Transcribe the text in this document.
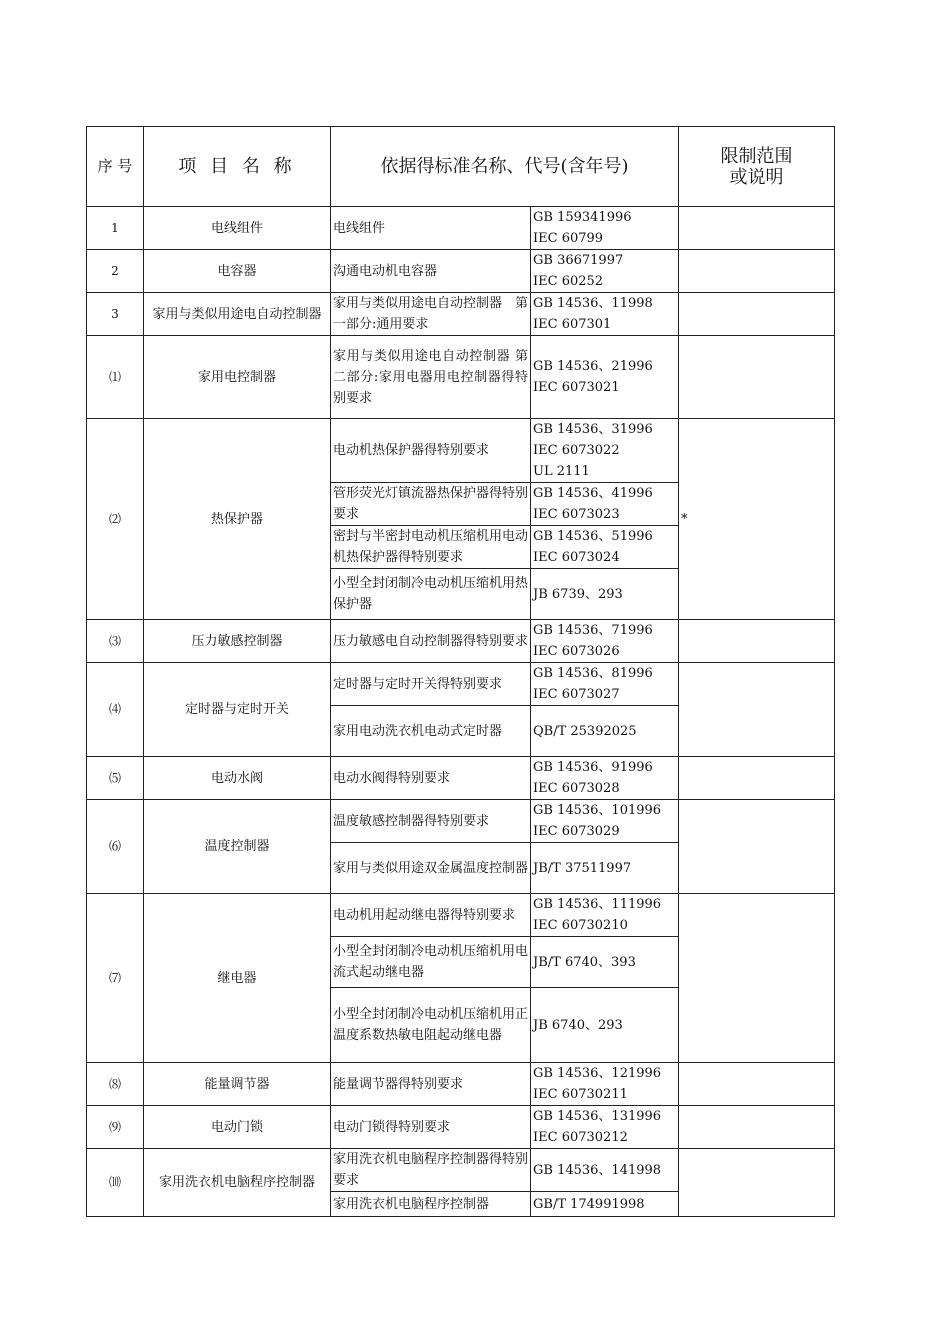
序 号	项 目 名 称	依据得标准名称、代号(含年号)		限制范围
或说明

1	电线组件	电线组件	GB 159341996
IEC 60799	

2	电容器	沟通电动机电容器	GB 36671997
IEC 60252	

3	家用与类似用途电自动控制器	家用与类似用途电自动控制器　第一部分:通用要求	GB 14536、11998
IEC 607301	

⑴	家用电控制器	家用与类似用途电自动控制器 第二部分:家用电器用电控制器得特别要求	GB 14536、21996
IEC 6073021	

⑵	热保护器	电动机热保护器得特别要求	GB 14536、31996
IEC 6073022
UL 2111	*
		管形荧光灯镇流器热保护器得特别要求	GB 14536、41996
IEC 6073023	

		密封与半密封电动机压缩机用电动机热保护器得特别要求	GB 14536、51996
IEC 6073024	

		小型全封闭制冷电动机压缩机用热保护器	JB 6739、293	

⑶	压力敏感控制器	压力敏感电自动控制器得特别要求	GB 14536、71996
IEC 6073026	

⑷	定时器与定时开关	定时器与定时开关得特别要求	GB 14536、81996
IEC 6073027	

		家用电动洗衣机电动式定时器	QB/T 25392025	

⑸	电动水阀	电动水阀得特别要求	GB 14536、91996
IEC 6073028	

⑹	温度控制器	温度敏感控制器得特别要求	GB 14536、101996
IEC 6073029	

		家用与类似用途双金属温度控制器	JB/T 37511997	

⑺	继电器	电动机用起动继电器得特别要求	GB 14536、111996
IEC 60730210	

		小型全封闭制冷电动机压缩机用电流式起动继电器	JB/T 6740、393	

		小型全封闭制冷电动机压缩机用正温度系数热敏电阻起动继电器	JB 6740、293	

⑻	能量调节器	能量调节器得特别要求	GB 14536、121996
IEC 60730211	

⑼	电动门锁	电动门锁得特别要求	GB 14536、131996
IEC 60730212	

⑽	家用洗衣机电脑程序控制器	家用洗衣机电脑程序控制器得特别要求	GB 14536、141998	

		家用洗衣机电脑程序控制器	GB/T 174991998	
